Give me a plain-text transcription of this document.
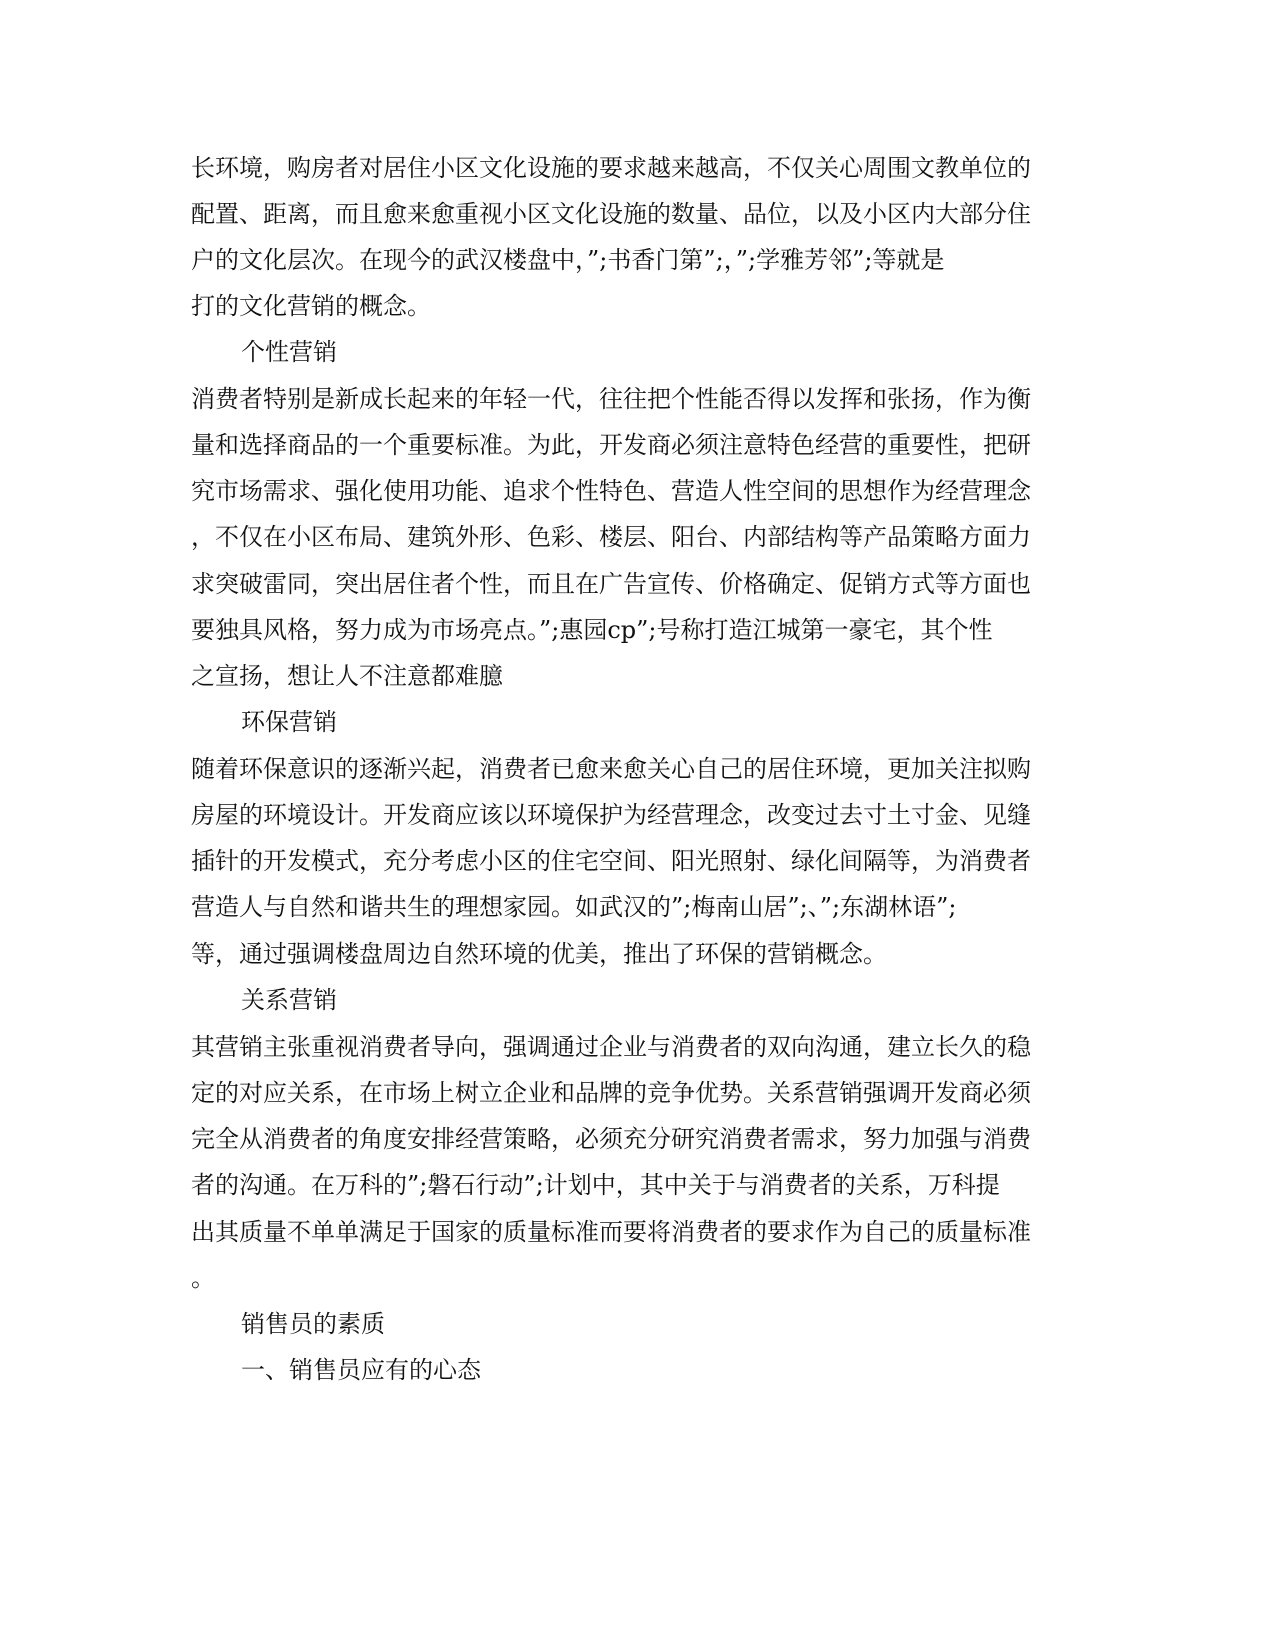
长环境，购房者对居住小区文化设施的要求越来越高，不仅关心周围文教单位的
配置、距离，而且愈来愈重视小区文化设施的数量、品位，以及小区内大部分住
户的文化层次。在现今的武汉楼盘中，”;书香门第”;，”;学雅芳邻”;等就是
打的文化营销的概念。
个性营销
消费者特别是新成长起来的年轻一代，往往把个性能否得以发挥和张扬，作为衡
量和选择商品的一个重要标准。为此，开发商必须注意特色经营的重要性，把研
究市场需求、强化使用功能、追求个性特色、营造人性空间的思想作为经营理念
，不仅在小区布局、建筑外形、色彩、楼层、阳台、内部结构等产品策略方面力
求突破雷同，突出居住者个性，而且在广告宣传、价格确定、促销方式等方面也
要独具风格，努力成为市场亮点。”;惠园cp”;号称打造江城第一豪宅，其个性
之宣扬，想让人不注意都难臆
环保营销
随着环保意识的逐渐兴起，消费者已愈来愈关心自己的居住环境，更加关注拟购
房屋的环境设计。开发商应该以环境保护为经营理念，改变过去寸土寸金、见缝
插针的开发模式，充分考虑小区的住宅空间、阳光照射、绿化间隔等，为消费者
营造人与自然和谐共生的理想家园。如武汉的”;梅南山居”;、”;东湖林语”;
等，通过强调楼盘周边自然环境的优美，推出了环保的营销概念。
关系营销
其营销主张重视消费者导向，强调通过企业与消费者的双向沟通，建立长久的稳
定的对应关系，在市场上树立企业和品牌的竞争优势。关系营销强调开发商必须
完全从消费者的角度安排经营策略，必须充分研究消费者需求，努力加强与消费
者的沟通。在万科的”;磐石行动”;计划中，其中关于与消费者的关系，万科提
出其质量不单单满足于国家的质量标准而要将消费者的要求作为自己的质量标准
。
销售员的素质
一、销售员应有的心态
